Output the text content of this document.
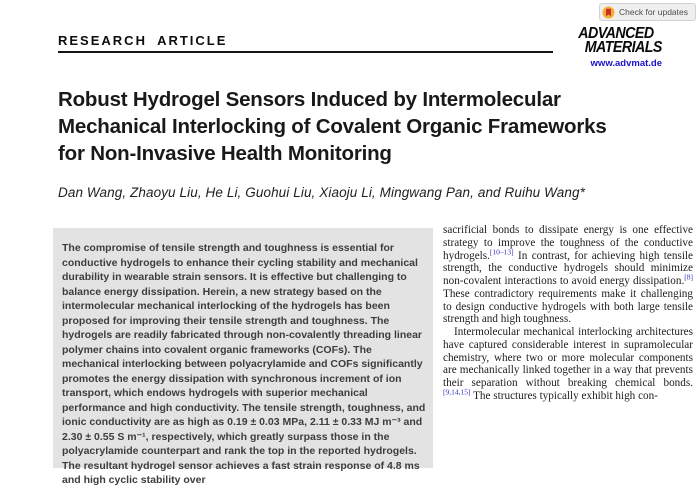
Check for updates
RESEARCH ARTICLE	ADVANCED
MATERIALS
www.advmat.de
Robust Hydrogel Sensors Induced by Intermolecular
Mechanical Interlocking of Covalent Organic Frameworks
for Non-Invasive Health Monitoring
Dan Wang, Zhaoyu Liu, He Li, Guohui Liu, Xiaoju Li, Mingwang Pan, and Ruihu Wang*
The compromise of tensile strength and toughness is essential for conductive hydrogels to enhance their cycling stability and mechanical durability in wearable strain sensors. It is effective but challenging to balance energy dissipation. Herein, a new strategy based on the intermolecular mechanical interlocking of the hydrogels has been proposed for improving their tensile strength and toughness. The hydrogels are readily fabricated through non-covalently threading linear polymer chains into covalent organic frameworks (COFs). The mechanical interlocking between polyacrylamide and COFs significantly promotes the energy dissipation with synchronous increment of ion transport, which endows hydrogels with superior mechanical performance and high conductivity. The tensile strength, toughness, and ionic conductivity are as high as 0.19 ± 0.03 MPa, 2.11 ± 0.33 MJ m⁻³ and 2.30 ± 0.55 S m⁻¹, respectively, which greatly surpass those in the polyacrylamide counterpart and rank the top in the reported hydrogels. The resultant hydrogel sensor achieves a fast strain response of 4.8 ms and high cyclic stability over

sacrificial bonds to dissipate energy is one effective strategy to improve the toughness of the conductive hydrogels.[10–13] In contrast, for achieving high tensile strength, the conductive hydrogels should minimize non-covalent interactions to avoid energy dissipation.[8] These contradictory requirements make it challenging to design conductive hydrogels with both large tensile strength and high toughness.

Intermolecular mechanical interlocking architectures have captured considerable interest in supramolecular chemistry, where two or more molecular components are mechanically linked together in a way that prevents their separation without breaking chemical bonds.[9,14,15] The structures typically exhibit high con-
